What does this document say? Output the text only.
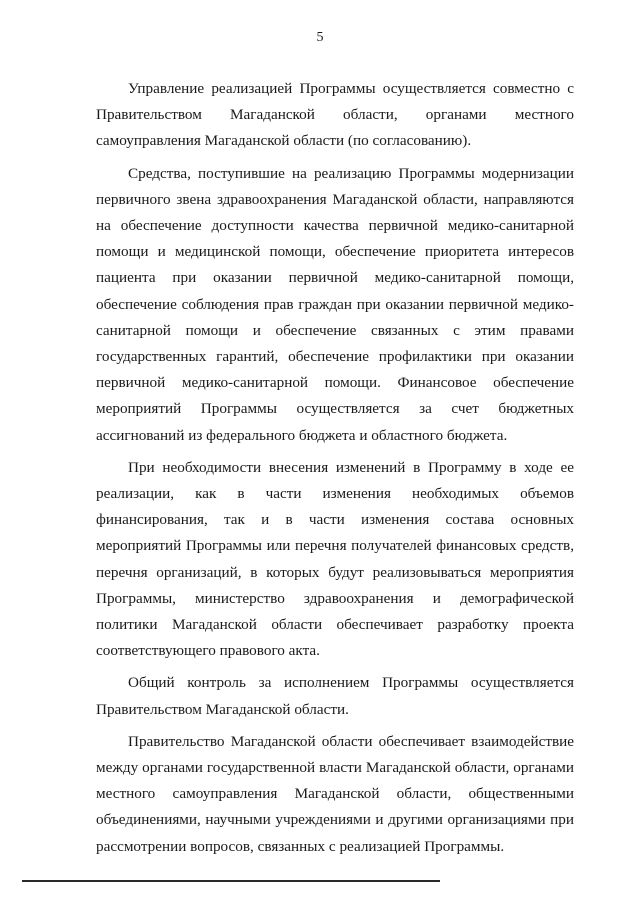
5

Управление реализацией Программы осуществляется совместно с Правительством Магаданской области, органами местного самоуправления Магаданской области (по согласованию).

Средства, поступившие на реализацию Программы модернизации первичного звена здравоохранения Магаданской области, направляются на обеспечение доступности качества первичной медико-санитарной помощи и медицинской помощи, обеспечение приоритета интересов пациента при оказании первичной медико-санитарной помощи, обеспечение соблюдения прав граждан при оказании первичной медико-санитарной помощи и обеспечение связанных с этим правами государственных гарантий, обеспечение профилактики при оказании первичной медико-санитарной помощи. Финансовое обеспечение мероприятий Программы осуществляется за счет бюджетных ассигнований из федерального бюджета и областного бюджета.

При необходимости внесения изменений в Программу в ходе ее реализации, как в части изменения необходимых объемов финансирования, так и в части изменения состава основных мероприятий Программы или перечня получателей финансовых средств, перечня организаций, в которых будут реализовываться мероприятия Программы, министерство здравоохранения и демографической политики Магаданской области обеспечивает разработку проекта соответствующего правового акта.

Общий контроль за исполнением Программы осуществляется Правительством Магаданской области.

Правительство Магаданской области обеспечивает взаимодействие между органами государственной власти Магаданской области, органами местного самоуправления Магаданской области, общественными объединениями, научными учреждениями и другими организациями при рассмотрении вопросов, связанных с реализацией Программы.
